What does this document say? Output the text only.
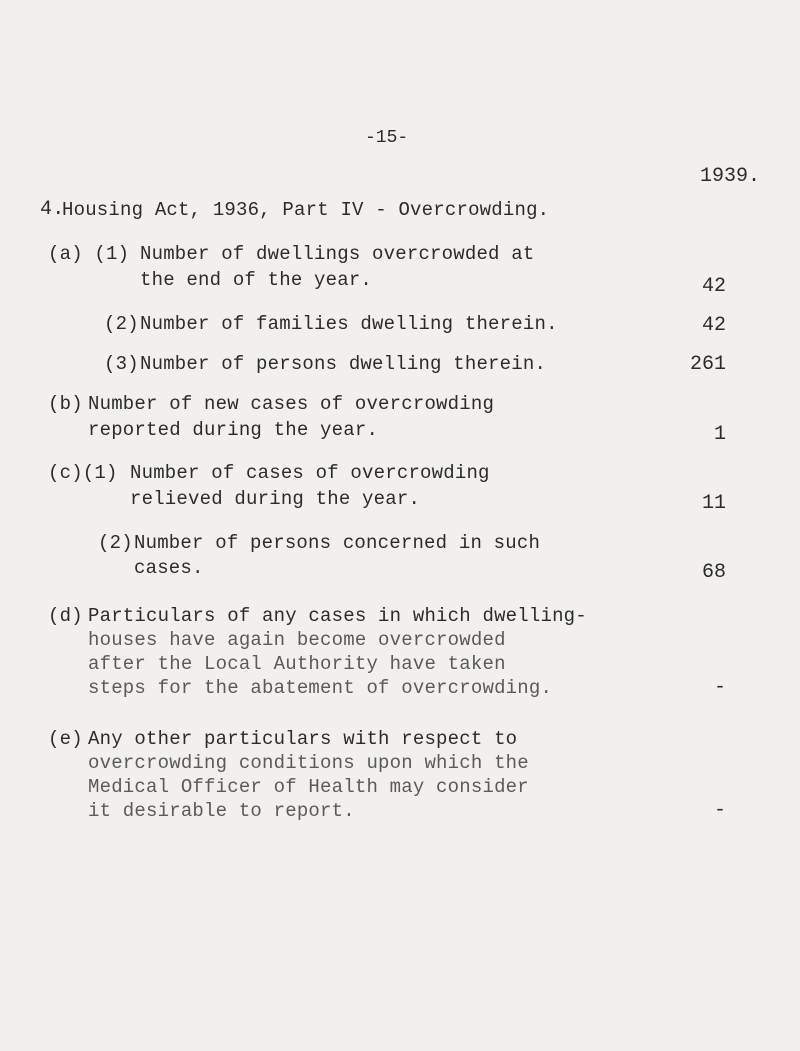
-15-
1939.
4.
Housing Act, 1936, Part IV - Overcrowding.
(a) (1) Number of dwellings overcrowded at
the end of the year.	42
(2) Number of families dwelling therein.	42
(3) Number of persons dwelling therein.	261
(b) Number of new cases of overcrowding
reported during the year.	1
(c)(1) Number of cases of overcrowding
relieved during the year.	11
(2) Number of persons concerned in such
cases.	68
(d) Particulars of any cases in which dwelling-
houses have again become overcrowded
after the Local Authority have taken
steps for the abatement of overcrowding.	-
(e) Any other particulars with respect to
overcrowding conditions upon which the
Medical Officer of Health may consider
it desirable to report.	-
